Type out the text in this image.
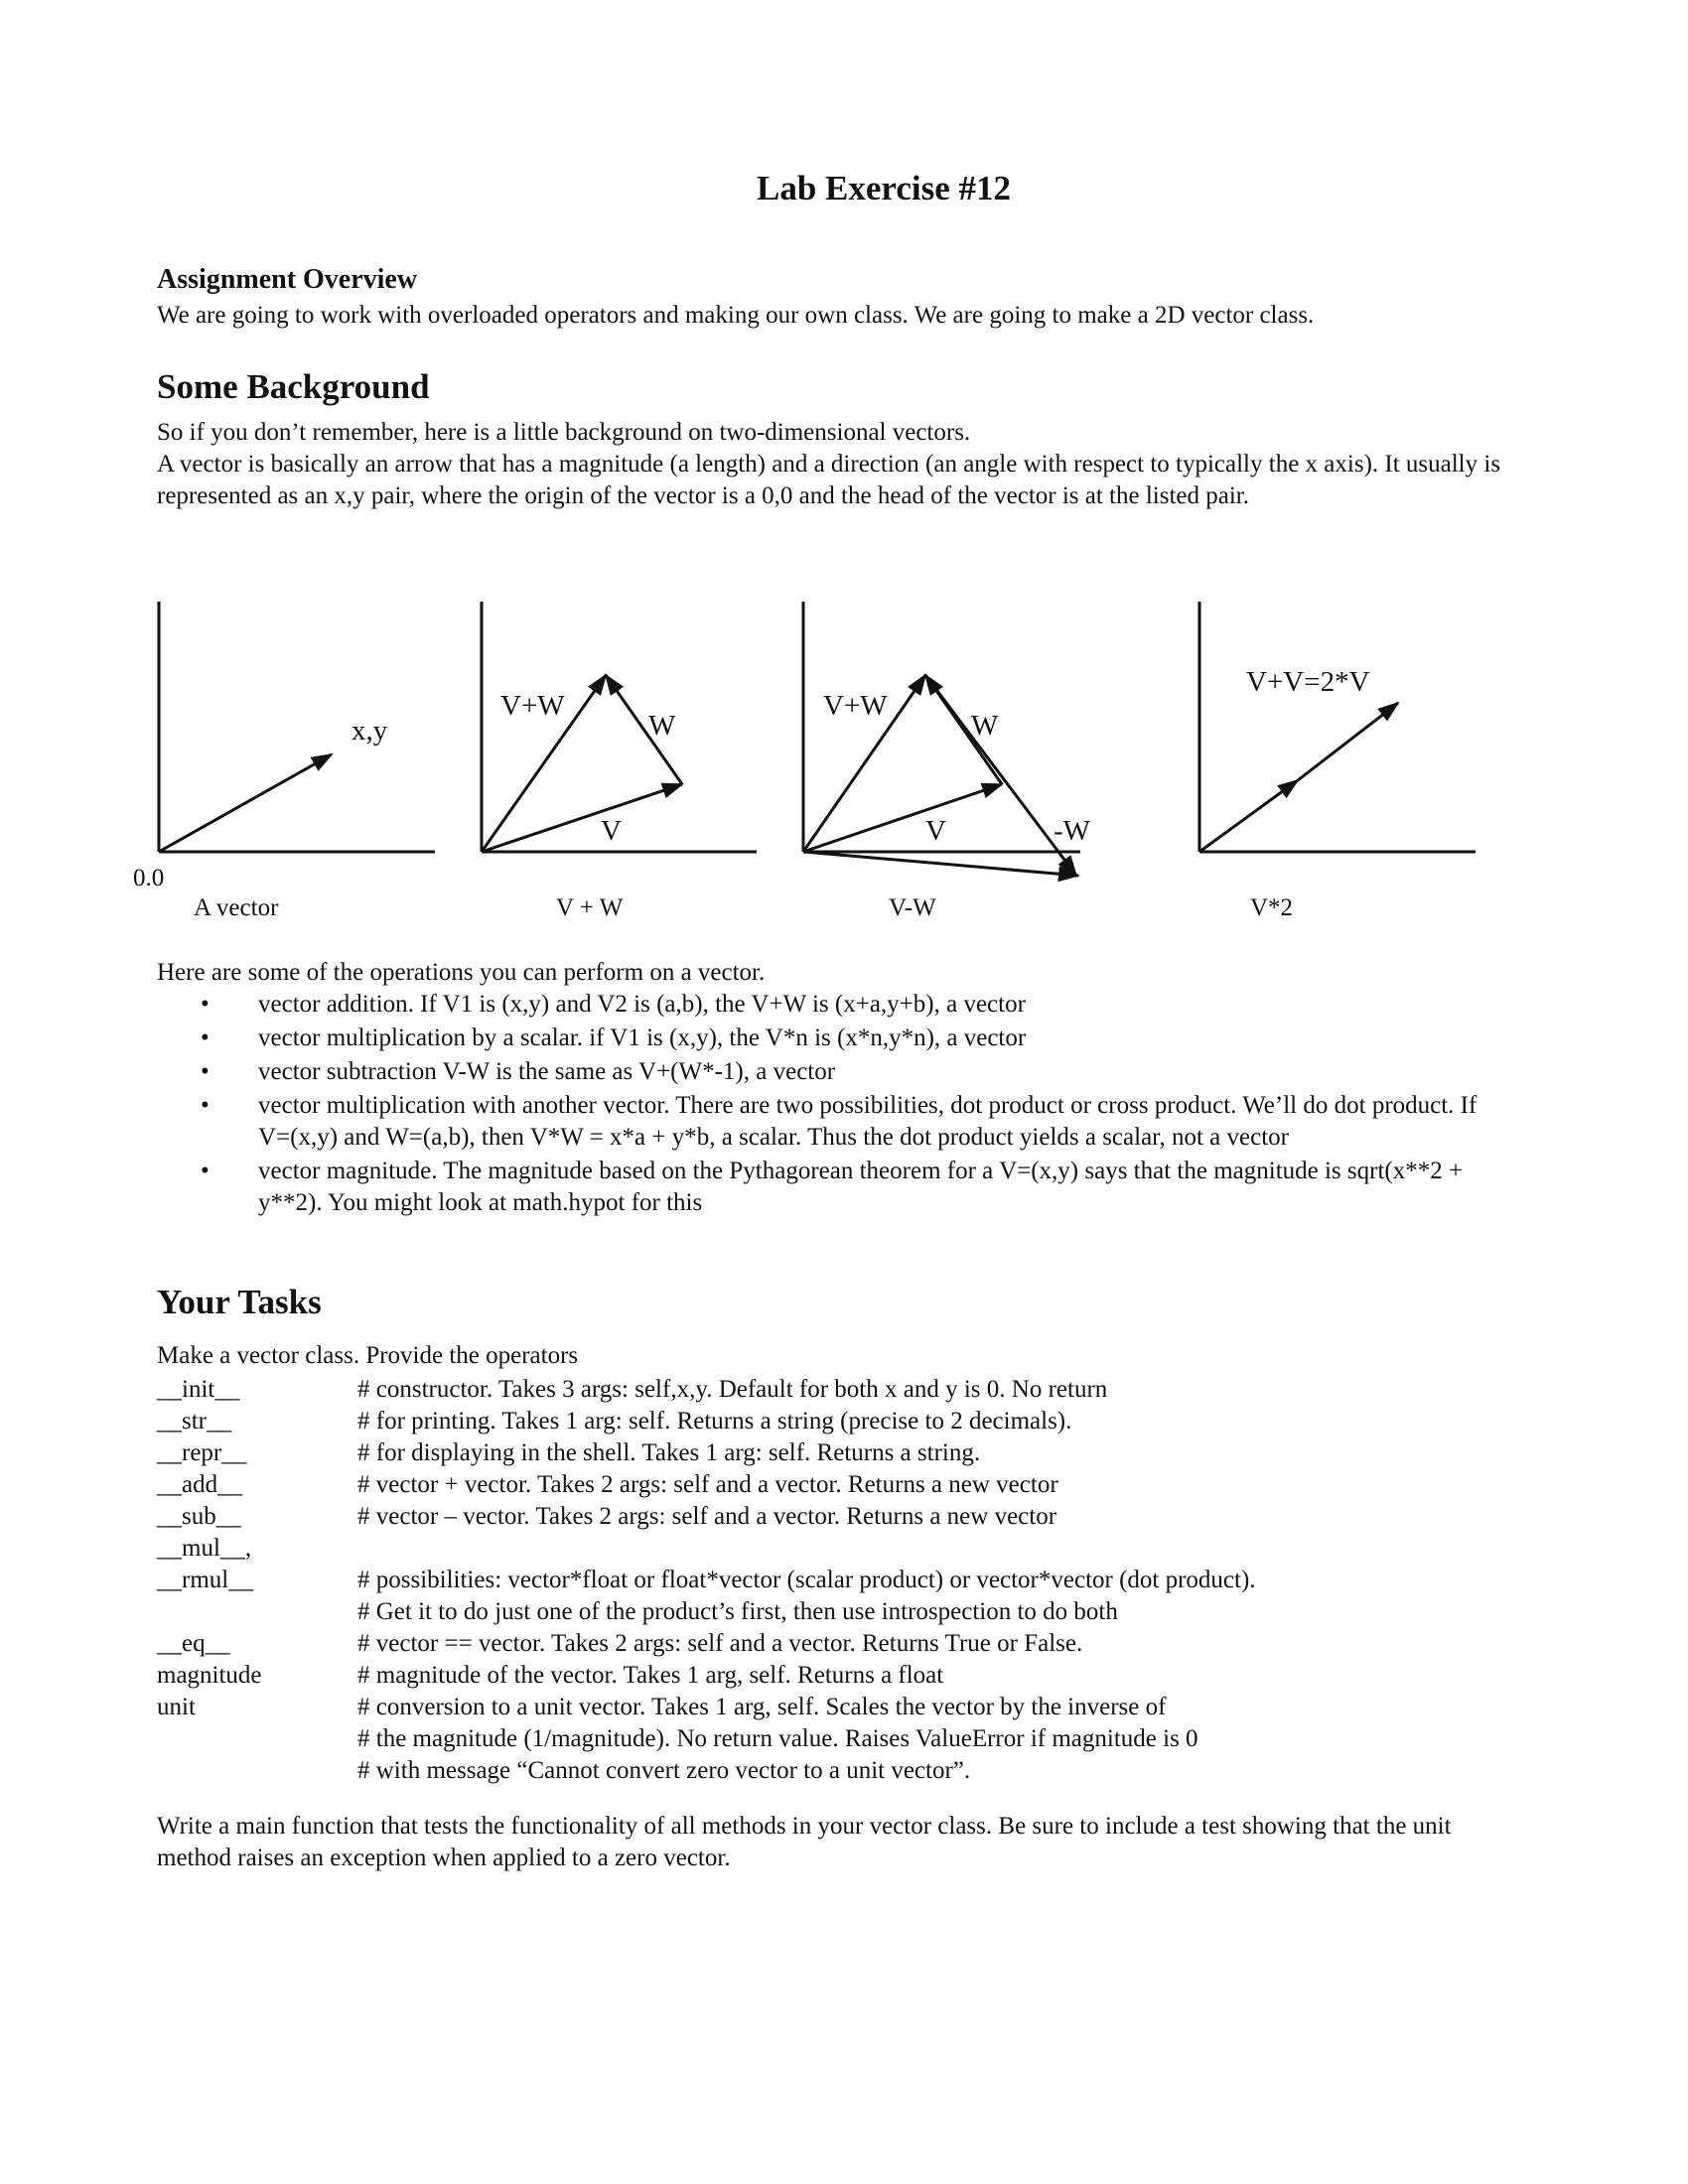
Lab Exercise #12
Assignment Overview

We are going to work with overloaded operators and making our own class. We are going to make a 2D vector class.

Some Background

So if you don’t remember, here is a little background on two-dimensional vectors.

A vector is basically an arrow that has a magnitude (a length) and a direction (an angle with respect to typically the x axis). It usually is represented as an x,y pair, where the origin of the vector is a 0,0 and the head of the vector is at the listed pair.

x,y
0.0
A vector
V+W
W
V
V + W
V+W
W
V	-W
V-W
V+V=2*V
V*2

Here are some of the operations you can perform on a vector.

• vector addition. If V1 is (x,y) and V2 is (a,b), the V+W is (x+a,y+b), a vector
• vector multiplication by a scalar. if V1 is (x,y), the V*n is (x*n,y*n), a vector
• vector subtraction V-W is the same as V+(W*-1), a vector
• vector multiplication with another vector. There are two possibilities, dot product or cross product. We’ll do dot product. If V=(x,y) and W=(a,b), then V*W = x*a + y*b, a scalar. Thus the dot product yields a scalar, not a vector
• vector magnitude. The magnitude based on the Pythagorean theorem for a V=(x,y) says that the magnitude is sqrt(x**2 + y**2). You might look at math.hypot for this
Your Tasks

Make a vector class. Provide the operators

__init__	# constructor. Takes 3 args: self,x,y. Default for both x and y is 0. No return
__str__	# for printing. Takes 1 arg: self. Returns a string (precise to 2 decimals).
__repr__	# for displaying in the shell. Takes 1 arg: self. Returns a string.
__add__	# vector + vector. Takes 2 args: self and a vector. Returns a new vector
__sub__	# vector – vector. Takes 2 args: self and a vector. Returns a new vector
__mul__,
__rmul__	# possibilities: vector*float or float*vector (scalar product) or vector*vector (dot product).
# Get it to do just one of the product’s first, then use introspection to do both
__eq__	# vector == vector. Takes 2 args: self and a vector. Returns True or False.
magnitude	# magnitude of the vector. Takes 1 arg, self. Returns a float
unit	# conversion to a unit vector. Takes 1 arg, self. Scales the vector by the inverse of
# the magnitude (1/magnitude). No return value. Raises ValueError if magnitude is 0
# with message “Cannot convert zero vector to a unit vector”.

Write a main function that tests the functionality of all methods in your vector class. Be sure to include a test showing that the unit method raises an exception when applied to a zero vector.
